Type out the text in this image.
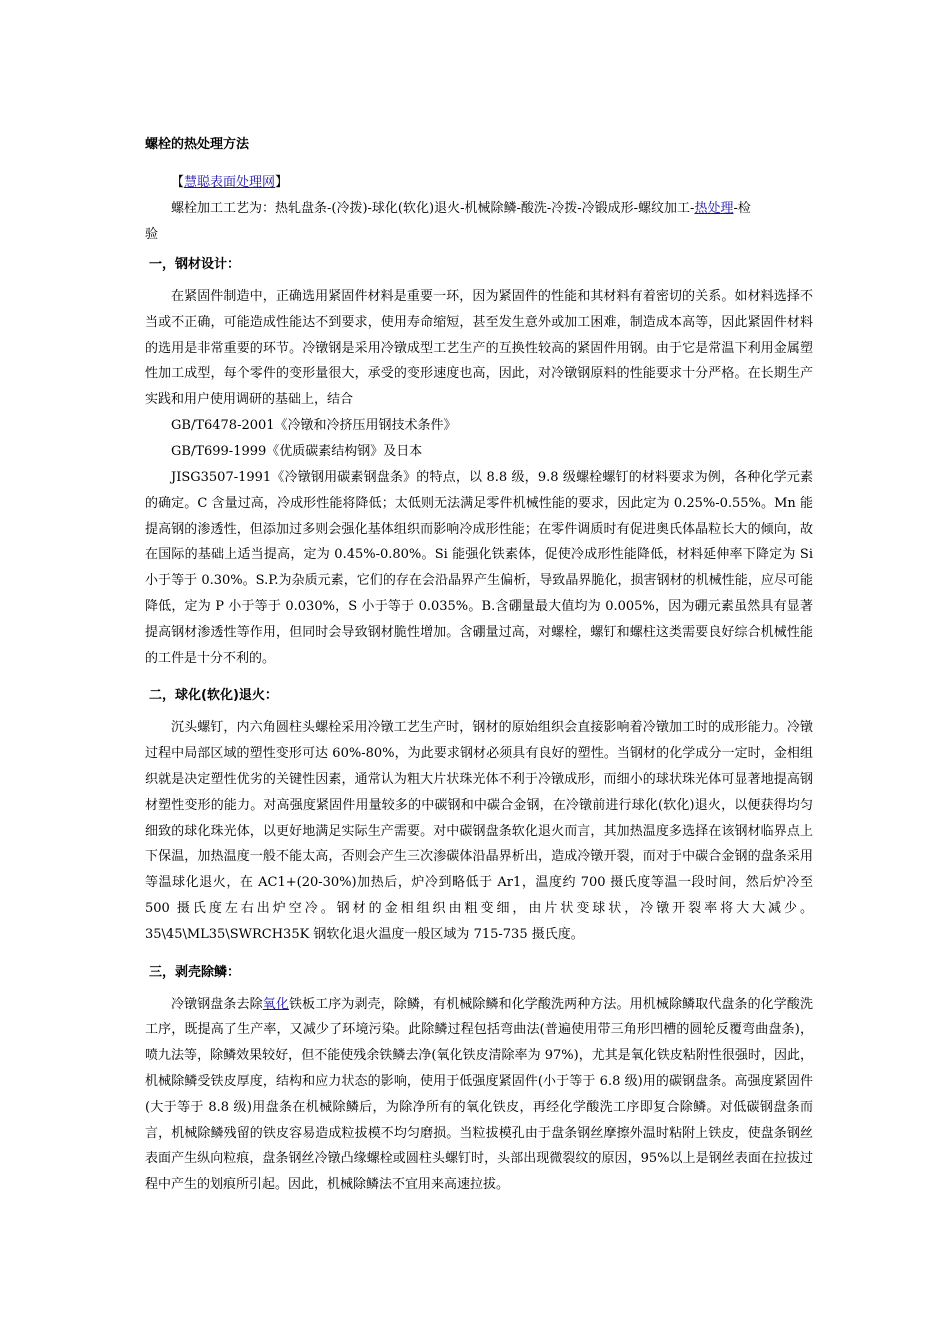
螺栓的热处理方法

【慧聪表面处理网】

螺栓加工工艺为：热轧盘条-(冷拨)-球化(软化)退火-机械除鳞-酸洗-冷拨-冷锻成形-螺纹加工-热处理-检

验

一，钢材设计：

在紧固件制造中，正确选用紧固件材料是重要一环，因为紧固件的性能和其材料有着密切的关系。如材料选择不当或不正确，可能造成性能达不到要求，使用寿命缩短，甚至发生意外或加工困难，制造成本高等，因此紧固件材料的选用是非常重要的环节。冷镦钢是采用冷镦成型工艺生产的互换性较高的紧固件用钢。由于它是常温下利用金属塑性加工成型，每个零件的变形量很大，承受的变形速度也高，因此，对冷镦钢原料的性能要求十分严格。在长期生产实践和用户使用调研的基础上，结合

GB/T6478-2001《冷镦和冷挤压用钢技术条件》

GB/T699-1999《优质碳素结构钢》及日本

JISG3507-1991《冷镦钢用碳素钢盘条》的特点，以 8.8 级，9.8 级螺栓螺钉的材料要求为例，各种化学元素的确定。C 含量过高，冷成形性能将降低；太低则无法满足零件机械性能的要求，因此定为 0.25%-0.55%。Mn 能提高钢的渗透性，但添加过多则会强化基体组织而影响冷成形性能；在零件调质时有促进奥氏体晶粒长大的倾向，故在国际的基础上适当提高，定为 0.45%-0.80%。Si 能强化铁素体，促使冷成形性能降低，材料延伸率下降定为 Si 小于等于 0.30%。S.P.为杂质元素，它们的存在会沿晶界产生偏析，导致晶界脆化，损害钢材的机械性能，应尽可能降低，定为 P 小于等于 0.030%，S 小于等于 0.035%。B.含硼量最大值均为 0.005%，因为硼元素虽然具有显著提高钢材渗透性等作用，但同时会导致钢材脆性增加。含硼量过高，对螺栓，螺钉和螺柱这类需要良好综合机械性能的工件是十分不利的。

二，球化(软化)退火：

沉头螺钉，内六角圆柱头螺栓采用冷镦工艺生产时，钢材的原始组织会直接影响着冷镦加工时的成形能力。冷镦过程中局部区域的塑性变形可达 60%-80%，为此要求钢材必须具有良好的塑性。当钢材的化学成分一定时，金相组织就是决定塑性优劣的关键性因素，通常认为粗大片状珠光体不利于冷镦成形，而细小的球状珠光体可显著地提高钢材塑性变形的能力。对高强度紧固件用量较多的中碳钢和中碳合金钢，在冷镦前进行球化(软化)退火，以便获得均匀细致的球化珠光体，以更好地满足实际生产需要。对中碳钢盘条软化退火而言，其加热温度多选择在该钢材临界点上下保温，加热温度一般不能太高，否则会产生三次渗碳体沿晶界析出，造成冷镦开裂，而对于中碳合金钢的盘条采用等温球化退火，在 AC1+(20-30%)加热后，炉冷到略低于 Ar1，温度约 700 摄氏度等温一段时间，然后炉冷至 500 摄氏度左右出炉空冷。钢材的金相组织由粗变细，由片状变球状，冷镦开裂率将大大减少。35\45\ML35\SWRCH35K 钢软化退火温度一般区域为 715-735 摄氏度。

三，剥壳除鳞：

冷镦钢盘条去除氧化铁板工序为剥壳，除鳞，有机械除鳞和化学酸洗两种方法。用机械除鳞取代盘条的化学酸洗工序，既提高了生产率，又减少了环境污染。此除鳞过程包括弯曲法(普遍使用带三角形凹槽的圆轮反覆弯曲盘条)，喷九法等，除鳞效果较好，但不能使残余铁鳞去净(氧化铁皮清除率为 97%)，尤其是氧化铁皮粘附性很强时，因此，机械除鳞受铁皮厚度，结构和应力状态的影响，使用于低强度紧固件(小于等于 6.8 级)用的碳钢盘条。高强度紧固件(大于等于 8.8 级)用盘条在机械除鳞后，为除净所有的氧化铁皮，再经化学酸洗工序即复合除鳞。对低碳钢盘条而言，机械除鳞残留的铁皮容易造成粒拔模不均匀磨损。当粒拔模孔由于盘条钢丝摩擦外温时粘附上铁皮，使盘条钢丝表面产生纵向粒痕，盘条钢丝冷镦凸缘螺栓或圆柱头螺钉时，头部出现微裂纹的原因，95%以上是钢丝表面在拉拔过程中产生的划痕所引起。因此，机械除鳞法不宜用来高速拉拔。
